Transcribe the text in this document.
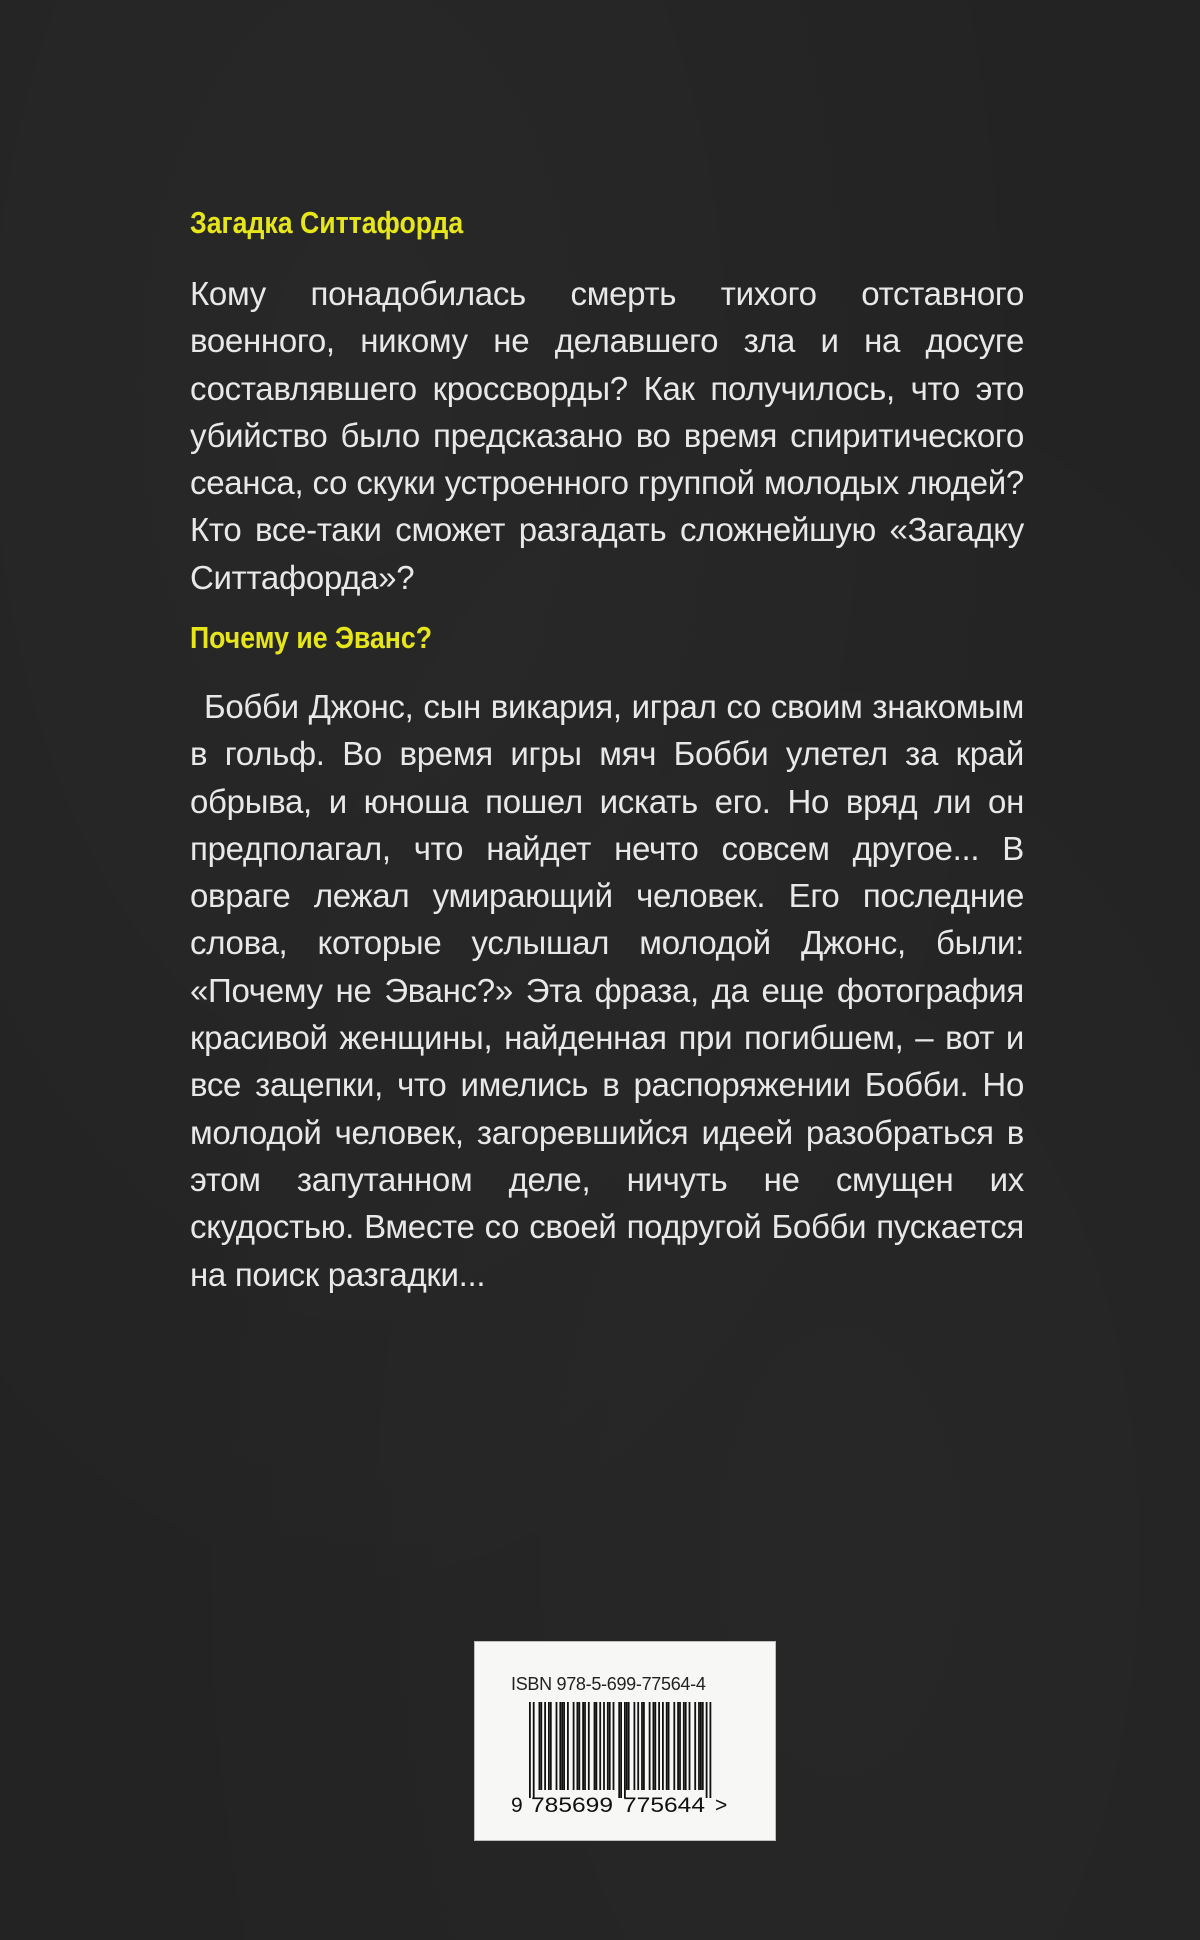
Загадка Ситтафорда

Кому понадобилась смерть тихого отставного военного, никому не делавшего зла и на досуге составлявшего кроссворды? Как получилось, что это убийство было предсказано во время спиритического сеанса, со скуки устроенного группой молодых людей? Кто все-таки сможет разгадать сложнейшую «Загадку Ситтафорда»?

Почему ие Эванс?

Бобби Джонс, сын викария, играл со своим знакомым в гольф. Во время игры мяч Бобби улетел за край обрыва, и юноша пошел искать его. Но вряд ли он предполагал, что найдет нечто совсем другое... В овраге лежал умирающий человек. Его последние слова, которые услышал молодой Джонс, были: «Почему не Эванс?» Эта фраза, да еще фотография красивой женщины, найденная при погибшем, – вот и все зацепки, что имелись в распоряжении Бобби. Но молодой человек, загоревшийся идеей разобраться в этом запутанном деле, ничуть не смущен их скудостью. Вместе со своей подругой Бобби пускается на поиск разгадки...

ISBN 978-5-699-77564-4
9 785699 775644 >
